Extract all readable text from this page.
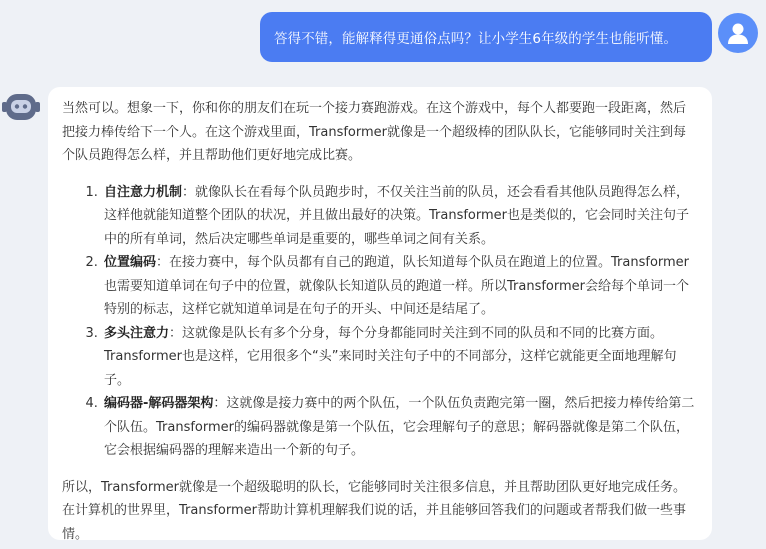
答得不错，能解释得更通俗点吗？让小学生6年级的学生也能听懂。

当然可以。想象一下，你和你的朋友们在玩一个接力赛跑游戏。在这个游戏中，每个人都要跑一段距离，然后把接力棒传给下一个人。在这个游戏里面，Transformer就像是一个超级棒的团队队长，它能够同时关注到每个队员跑得怎么样，并且帮助他们更好地完成比赛。

1. 自注意力机制：就像队长在看每个队员跑步时，不仅关注当前的队员，还会看看其他队员跑得怎么样，这样他就能知道整个团队的状况，并且做出最好的决策。Transformer也是类似的，它会同时关注句子中的所有单词，然后决定哪些单词是重要的，哪些单词之间有关系。
2. 位置编码：在接力赛中，每个队员都有自己的跑道，队长知道每个队员在跑道上的位置。Transformer也需要知道单词在句子中的位置，就像队长知道队员的跑道一样。所以Transformer会给每个单词一个特别的标志，这样它就知道单词是在句子的开头、中间还是结尾了。
3. 多头注意力：这就像是队长有多个分身，每个分身都能同时关注到不同的队员和不同的比赛方面。Transformer也是这样，它用很多个“头”来同时关注句子中的不同部分，这样它就能更全面地理解句子。
4. 编码器-解码器架构：这就像是接力赛中的两个队伍，一个队伍负责跑完第一圈，然后把接力棒传给第二个队伍。Transformer的编码器就像是第一个队伍，它会理解句子的意思；解码器就像是第二个队伍，它会根据编码器的理解来造出一个新的句子。

所以，Transformer就像是一个超级聪明的队长，它能够同时关注很多信息，并且帮助团队更好地完成任务。在计算机的世界里，Transformer帮助计算机理解我们说的话，并且能够回答我们的问题或者帮我们做一些事情。
